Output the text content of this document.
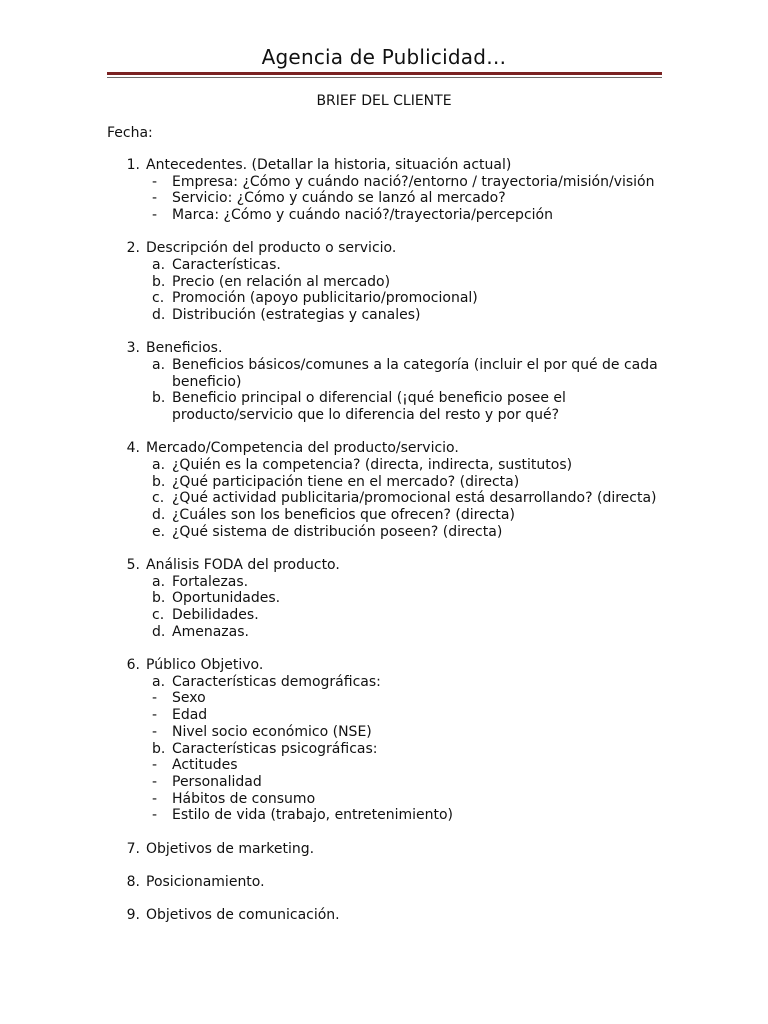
Agencia de Publicidad…
BRIEF DEL CLIENTE
Fecha:
1. Antecedentes. (Detallar la historia, situación actual)
-	Empresa: ¿Cómo y cuándo nació?/entorno / trayectoria/misión/visión
-	Servicio: ¿Cómo y cuándo se lanzó al mercado?
-	Marca: ¿Cómo y cuándo nació?/trayectoria/percepción
2. Descripción del producto o servicio.
a. Características.
b. Precio (en relación al mercado)
c. Promoción (apoyo publicitario/promocional)
d. Distribución (estrategias y canales)
3. Beneficios.
a. Beneficios básicos/comunes a la categoría (incluir el por qué de cada beneficio)
b. Beneficio principal o diferencial (¡qué beneficio posee el producto/servicio que lo diferencia del resto y por qué?
4. Mercado/Competencia del producto/servicio.
a. ¿Quién es la competencia? (directa, indirecta, sustitutos)
b. ¿Qué participación tiene en el mercado? (directa)
c. ¿Qué actividad publicitaria/promocional está desarrollando? (directa)
d. ¿Cuáles son los beneficios que ofrecen? (directa)
e. ¿Qué sistema de distribución poseen? (directa)
5. Análisis FODA del producto.
a. Fortalezas.
b. Oportunidades.
c. Debilidades.
d. Amenazas.
6. Público Objetivo.
a. Características demográficas:
-	Sexo
-	Edad
-	Nivel socio económico (NSE)
b. Características psicográficas:
-	Actitudes
-	Personalidad
-	Hábitos de consumo
-	Estilo de vida (trabajo, entretenimiento)
7. Objetivos de marketing.
8. Posicionamiento.
9. Objetivos de comunicación.
